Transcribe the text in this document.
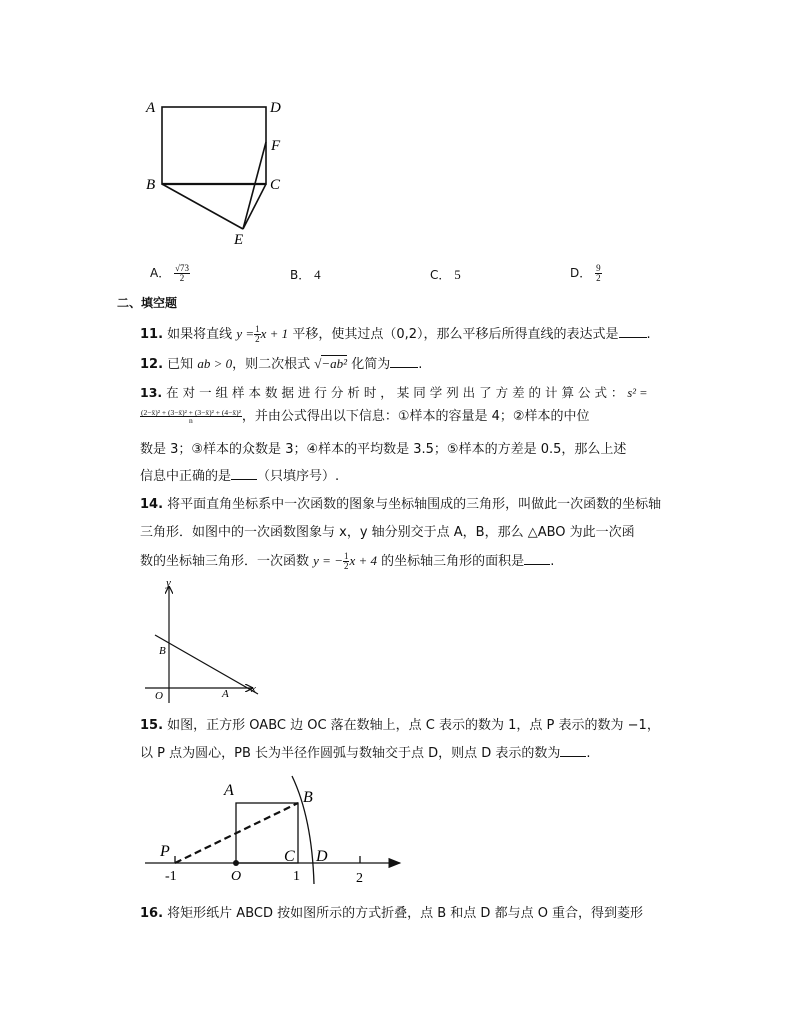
A	D
F
B	C
E
A． $\frac{√73}{2}$	B． 4	C． 5	D． $\frac{9}{2}$
二、填空题
11. 如果将直线 $y = \frac{1}{2}$ x + 1 平移，使其过点（0,2），那么平移后所得直线的表达式是 .
12. 已知 ab > 0，则二次根式 √−ab² 化简为 .
13. 在 对 一 组 样 本 数 据 进 行 分 析 时 ， 某 同 学 列 出 了 方 差 的 计 算 公 式 ： s² =
$\frac{\text{(2−x̄)² + (3−x̄)² + (3−x̄)² + (4−x̄)²}}{n}$ ，并由公式得出以下信息：①样本的容量是 4；②样本的中位
数是 3；③样本的众数是 3；④样本的平均数是 3.5；⑤样本的方差是 0.5，那么上述
信息中正确的是 （只填序号）.
14. 将平面直角坐标系中一次函数的图象与坐标轴围成的三角形，叫做此一次函数的坐标轴
三角形．如图中的一次函数图象与 x，y 轴分别交于点 A，B，那么 △ABO 为此一次函
数的坐标轴三角形．一次函数 y = − $\frac{1}{2}$ x + 4 的坐标轴三角形的面积是 .
y
x
B
A
O
15. 如图，正方形 OABC 边 OC 落在数轴上，点 C 表示的数为 1，点 P 表示的数为 −1，
以 P 点为圆心，PB 长为半径作圆弧与数轴交于点 D，则点 D 表示的数为 .
A	B
P	C D
O
-1	1	2
16. 将矩形纸片 ABCD 按如图所示的方式折叠，点 B 和点 D 都与点 O 重合，得到菱形
